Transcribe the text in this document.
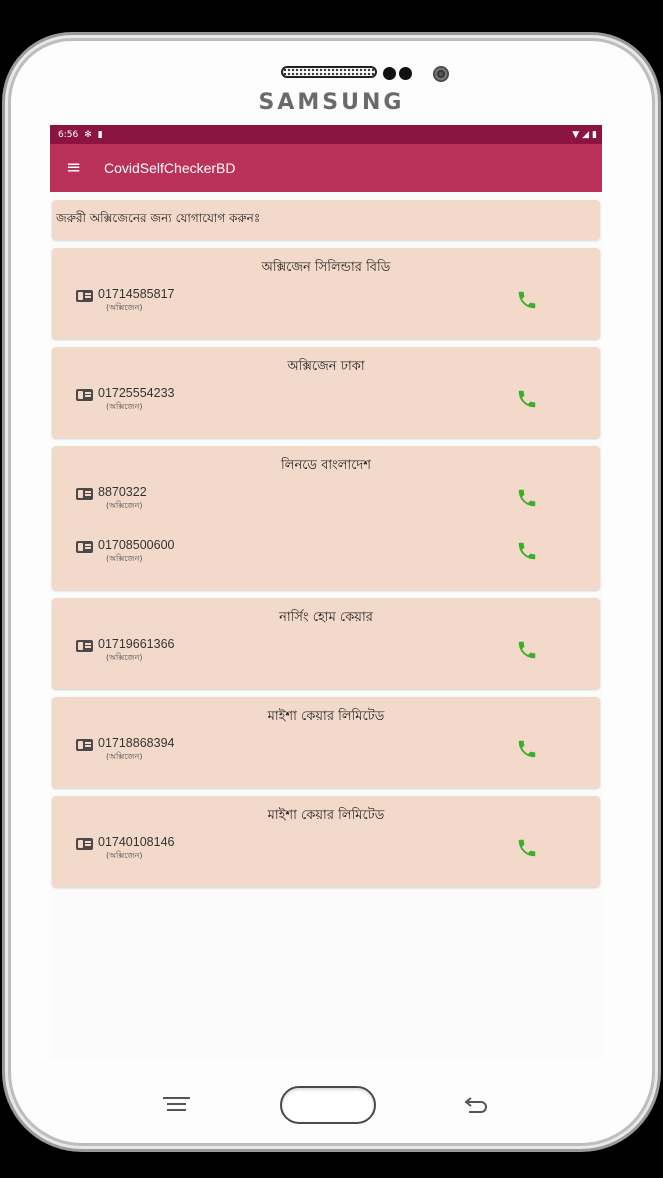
SAMSUNG
6:56 ✻ ▮	▼ ◢ ▮
≡	CovidSelfCheckerBD
জরুরী অক্সিজেনের জন্য যোগাযোগ করুনঃ
অক্সিজেন সিলিন্ডার বিডি
01714585817
(অক্সিজেন)
অক্সিজেন ঢাকা
01725554233
(অক্সিজেন)
লিনডে বাংলাদেশ
8870322
(অক্সিজেন)
01708500600
(অক্সিজেন)
নার্সিং হোম কেয়ার
01719661366
(অক্সিজেন)
মাইশা কেয়ার লিমিটেড
01718868394
(অক্সিজেন)
মাইশা কেয়ার লিমিটেড
01740108146
(অক্সিজেন)
